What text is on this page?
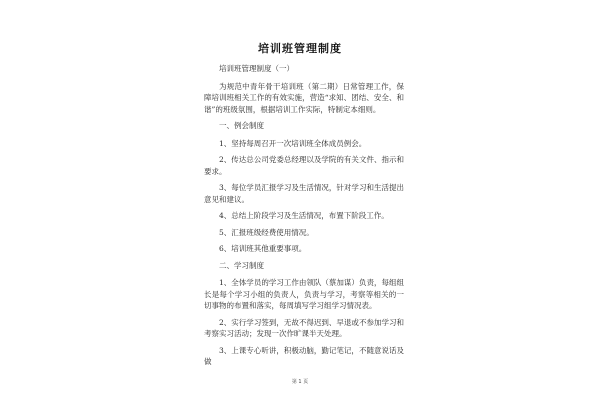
培训班管理制度

培训班管理制度（一）

为规范中青年骨干培训班（第二期）日常管理工作，保障培训班相关工作的有效实施，营造“求知、团结、安全、和谐”的班级氛围，根据培训工作实际，特制定本细则。

一、例会制度

1、坚持每周召开一次培训班全体成员例会。

2、传达总公司党委总经理以及学院的有关文件、指示和要求。

3、每位学员汇报学习及生活情况，针对学习和生活提出意见和建议。

4、总结上阶段学习及生活情况，布置下阶段工作。

5、汇报班级经费使用情况。

6、培训班其他重要事项。

二、学习制度

1、全体学员的学习工作由领队（蔡加谋）负责，每组组长是每个学习小组的负责人，负责与学习，考察等相关的一切事物的布置和落实，每周填写学习组学习情况表。

2、实行学习签到，无故不得迟到、早退或不参加学习和考察实习活动；发现一次作旷课半天处理。

3、上课专心听讲，积极动脑，勤记笔记，不随意说话及做

第 1 页
